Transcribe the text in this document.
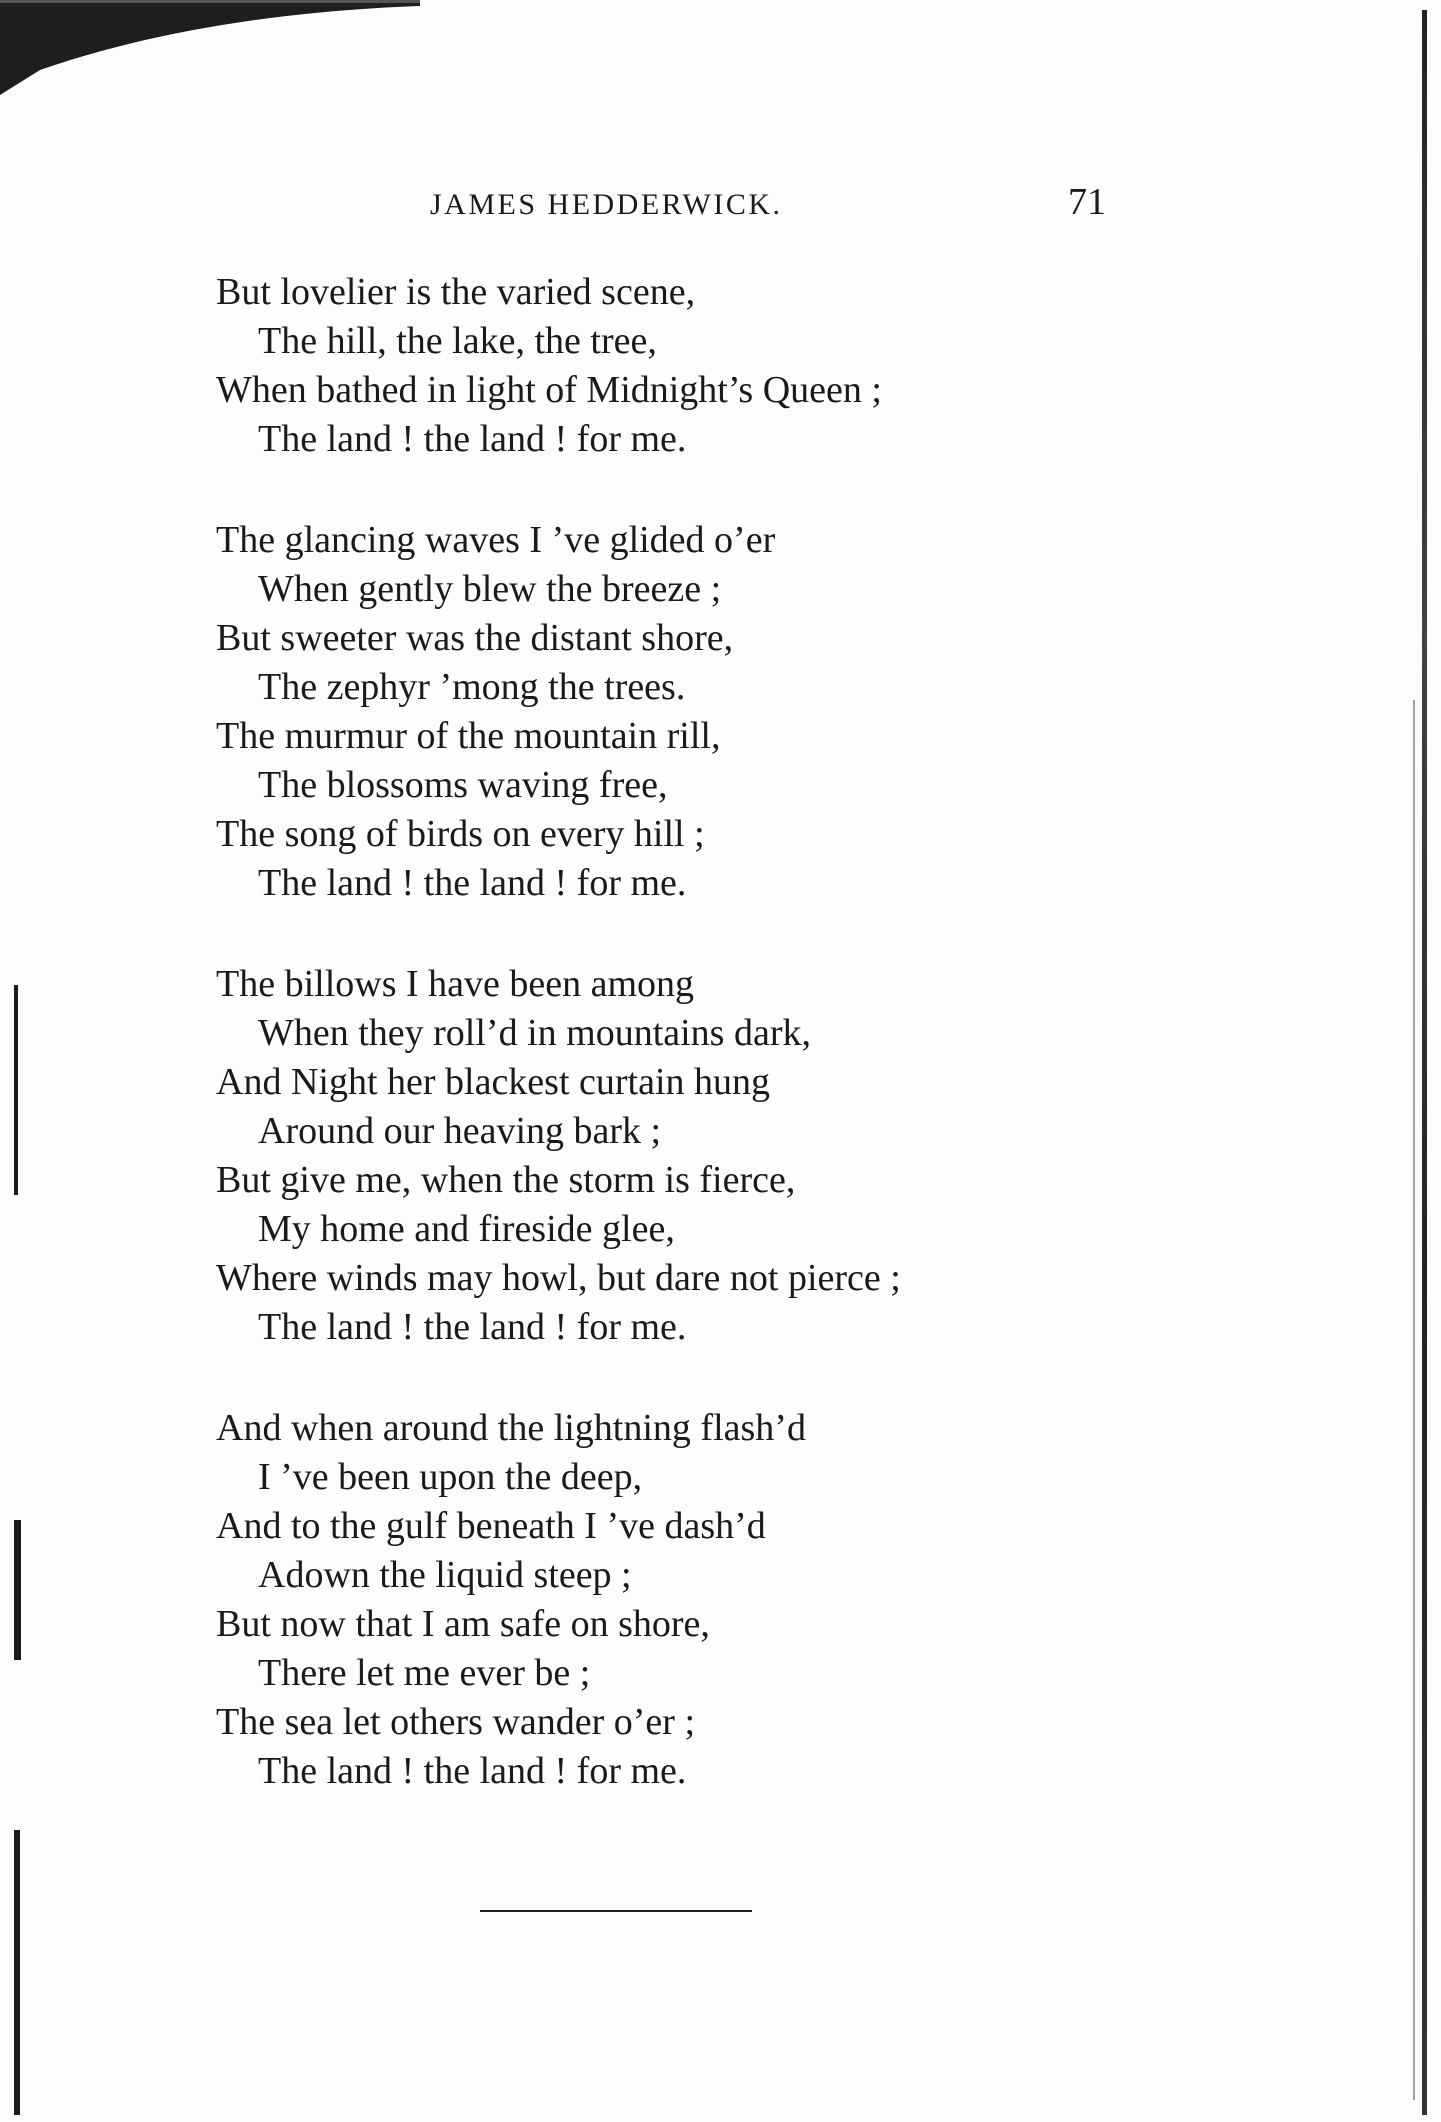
JAMES HEDDERWICK.	71
But lovelier is the varied scene,
The hill, the lake, the tree,
When bathed in light of Midnight’s Queen ;
The land ! the land ! for me.
The glancing waves I ’ve glided o’er
When gently blew the breeze ;
But sweeter was the distant shore,
The zephyr ’mong the trees.
The murmur of the mountain rill,
The blossoms waving free,
The song of birds on every hill ;
The land ! the land ! for me.
The billows I have been among
When they roll’d in mountains dark,
And Night her blackest curtain hung
Around our heaving bark ;
But give me, when the storm is fierce,
My home and fireside glee,
Where winds may howl, but dare not pierce ;
The land ! the land ! for me.
And when around the lightning flash’d
I ’ve been upon the deep,
And to the gulf beneath I ’ve dash’d
Adown the liquid steep ;
But now that I am safe on shore,
There let me ever be ;
The sea let others wander o’er ;
The land ! the land ! for me.
